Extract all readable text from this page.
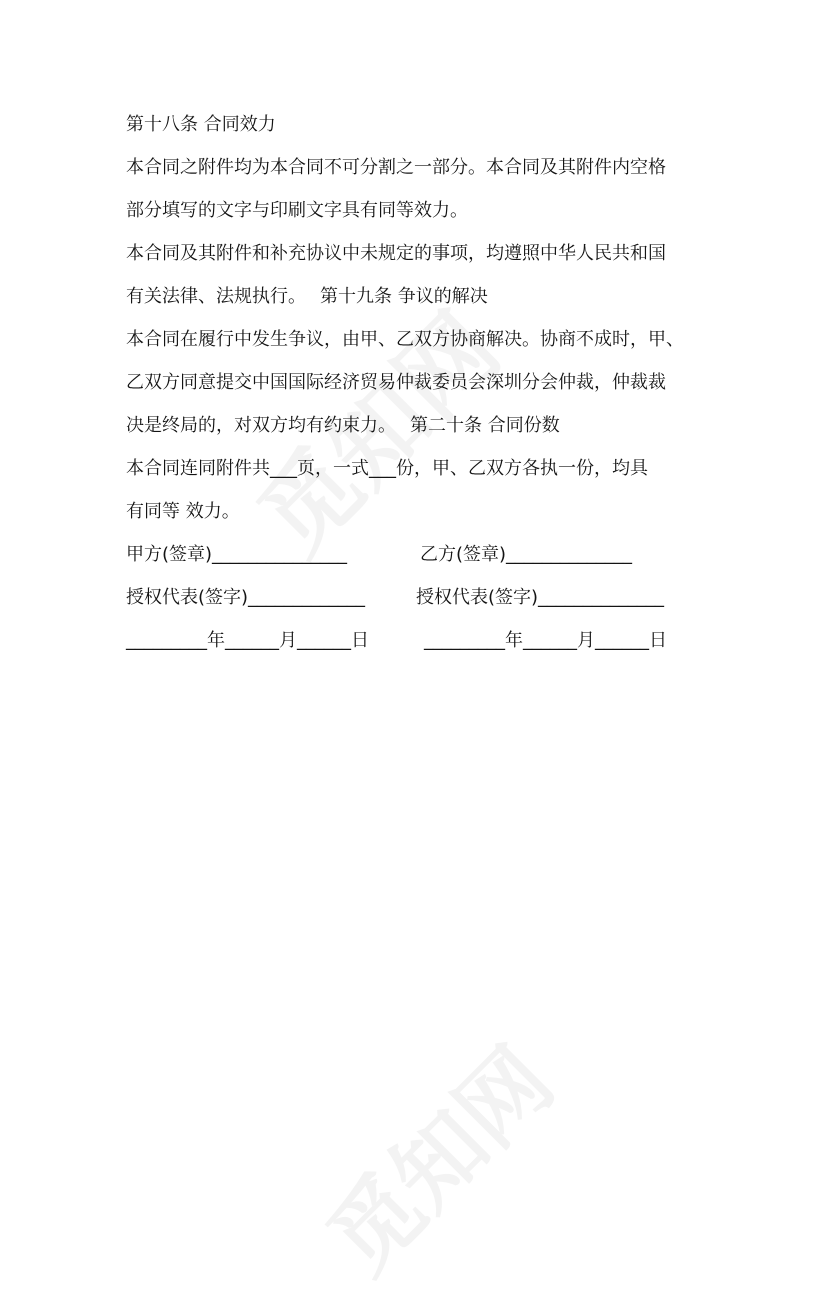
第十八条 合同效力
本合同之附件均为本合同不可分割之一部分。本合同及其附件内空格
部分填写的文字与印刷文字具有同等效力。
本合同及其附件和补充协议中未规定的事项，均遵照中华人民共和国
有关法律、法规执行。 第十九条 争议的解决
本合同在履行中发生争议，由甲、乙双方协商解决。协商不成时，甲、
乙双方同意提交中国国际经济贸易仲裁委员会深圳分会仲裁，仲裁裁
决是终局的，对双方均有约束力。 第二十条 合同份数
本合同连同附件共___页，一式___份，甲、乙双方各执一份，均具
有同等 效力。
甲方(签章)_______________	乙方(签章)______________
授权代表(签字)_____________	授权代表(签字)______________
_________年______月______日	_________年______月______日
